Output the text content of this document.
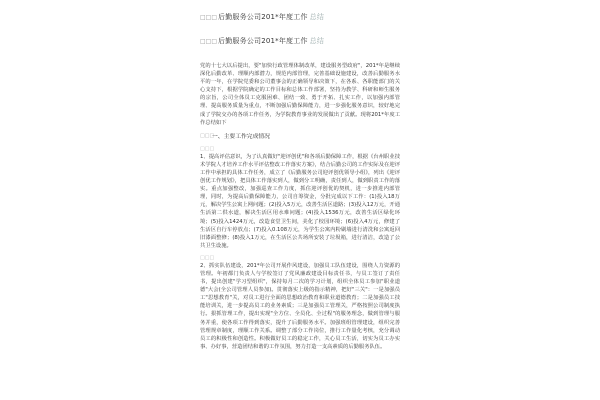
□□□ 后勤服务公司201*年度工作 总结
□□□ 后勤服务公司201*年度工作 总结

党的十七大以后提出，要"加快行政管理体制改革，建设服务型政府"，201*年是继续深化后勤改革、理顺内部潜力，规范内部管理，完善基础设施建设，改善后勤服务水平的一年，在学院党委和公司董事会的正确领导和决策下，在各系、各职能部门的关心支持下，根据学院确定的工作目标和总体工作部署，坚持为教学、科研和师生服务的宗旨，公司全体员工克服困难、团结一致、勇于开拓、扎实工作，以加强内部管理、提高服务质量为重点，不断加强后勤保障能力，进一步强化服务意识，较好地完成了学院交办的各项工作任务，为学院教育事业的发展做出了贡献。现将201*年度工作总结如下

□□□
一、主要工作完成情况
□□□

1、提高评估意识，为了认真做好"迎评创优"和各项后勤保障工作，根据《台州职业技术学院人才培养工作水平评估整改工作落实方案》，结合后勤公司的工作实际及在迎评工作中承担的具体工作任务，成立了《后勤服务公司迎评创优领导小组》，列出《迎评创优工作规划》，把具体工作落实到人，做到分工明确，责任到人，做到职责工作的落实。重点加强整改，加强巡查工作力度，抓住迎评创优的契机，进一步推进内部管理，同时，为提高后勤保障能力，公司自筹资金，分批完成以下工作：(1)投入18万元，解决学生公寓上网问题；(2)投入5万元，改善生活区道路；(3)投入12万元，开通生活第二供水道，解决生活区用水难问题；(4)投入1536万元，改善生活区绿化环境；(5)投入1424万元，改造食堂卫生间，美化了校园环境；(6)投入4万元，修建了生活区自行车停放点；(7)投入0.108万元，为学生公寓内粉刷墙进行清洗和公寓返回旧漆面整修；(8)投入1万元，在生活区公共场所安装了垃圾箱，进行清洁，改造了公共卫生设施。

□□□

2、抓实队伍建设，201*年公司开展作风建设，加强员工队伍建设，围绕人力资源的管理。年初都门负责人与学校签订了党风廉政建设目标责任书，与员工签订了责任书，提出创建"学习型组织"，保持每月二次的学习计划，组织全体员工参加"职业道德"大会(全公司管理人员参加)。贯彻落实上级的指示精神，把好"三关"：一是加强员工"思想教育"关，对员工进行全面的思想政治教育和职业道德教育；二是加强员工技能培训关，进一步提高员工的业务素质；三是加强员工管理关，严格按照公司制度执行。狠抓管理工作，提出实现"全方位、全员化、全过程"的服务理念，做到管理与服务并重，使各项工作得到落实，提升了后勤服务水平。加强班组管理建设，组织完善管理规章制度，理顺工作关系。调整了部分工作岗位，推行工作量化考核，充分调动员工的积极性和创造性。积极做好员工的稳定工作，关心员工生活，切实为员工办实事、办好事，营造团结和谐的工作氛围，努力打造一支高素质的后勤服务队伍。
